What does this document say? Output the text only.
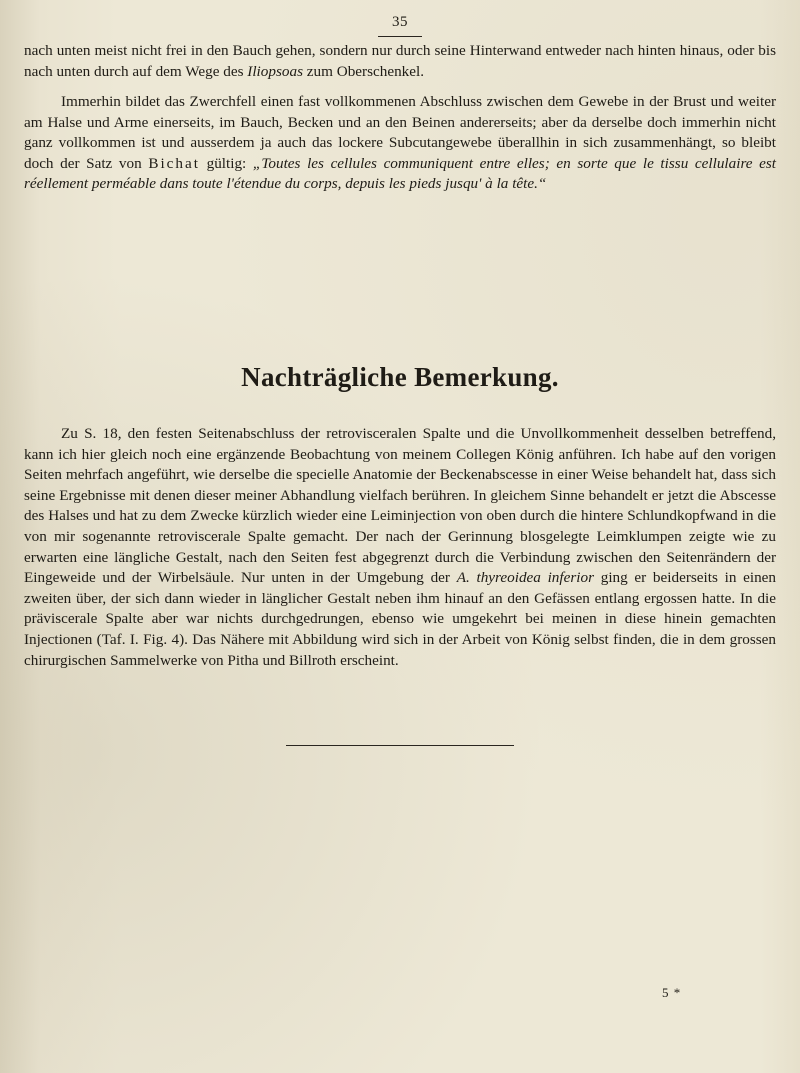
35

nach unten meist nicht frei in den Bauch gehen, sondern nur durch seine Hinterwand entweder nach hinten hinaus, oder bis nach unten durch auf dem Wege des Iliopsoas zum Oberschenkel.

Immerhin bildet das Zwerchfell einen fast vollkommenen Abschluss zwischen dem Gewebe in der Brust und weiter am Halse und Arme einerseits, im Bauch, Becken und an den Beinen andererseits; aber da derselbe doch immerhin nicht ganz vollkommen ist und ausserdem ja auch das lockere Subcutangewebe überallhin in sich zusammenhängt, so bleibt doch der Satz von Bichat gültig: „Toutes les cellules communiquent entre elles; en sorte que le tissu cellulaire est réellement perméable dans toute l'étendue du corps, depuis les pieds jusqu' à la tête.“

Nachträgliche Bemerkung.

Zu S. 18, den festen Seitenabschluss der retrovisceralen Spalte und die Unvollkommenheit desselben betreffend, kann ich hier gleich noch eine ergänzende Beobachtung von meinem Collegen König anführen. Ich habe auf den vorigen Seiten mehrfach angeführt, wie derselbe die specielle Anatomie der Beckenabscesse in einer Weise behandelt hat, dass sich seine Ergebnisse mit denen dieser meiner Abhandlung vielfach berühren. In gleichem Sinne behandelt er jetzt die Abscesse des Halses und hat zu dem Zwecke kürzlich wieder eine Leiminjection von oben durch die hintere Schlundkopfwand in die von mir sogenannte retroviscerale Spalte gemacht. Der nach der Gerinnung blosgelegte Leimklumpen zeigte wie zu erwarten eine längliche Gestalt, nach den Seiten fest abgegrenzt durch die Verbindung zwischen den Seitenrändern der Eingeweide und der Wirbelsäule. Nur unten in der Umgebung der A. thyreoidea inferior ging er beiderseits in einen zweiten über, der sich dann wieder in länglicher Gestalt neben ihm hinauf an den Gefässen entlang ergossen hatte. In die präviscerale Spalte aber war nichts durchgedrungen, ebenso wie umgekehrt bei meinen in diese hinein gemachten Injectionen (Taf. I. Fig. 4). Das Nähere mit Abbildung wird sich in der Arbeit von König selbst finden, die in dem grossen chirurgischen Sammelwerke von Pitha und Billroth erscheint.

5 *
